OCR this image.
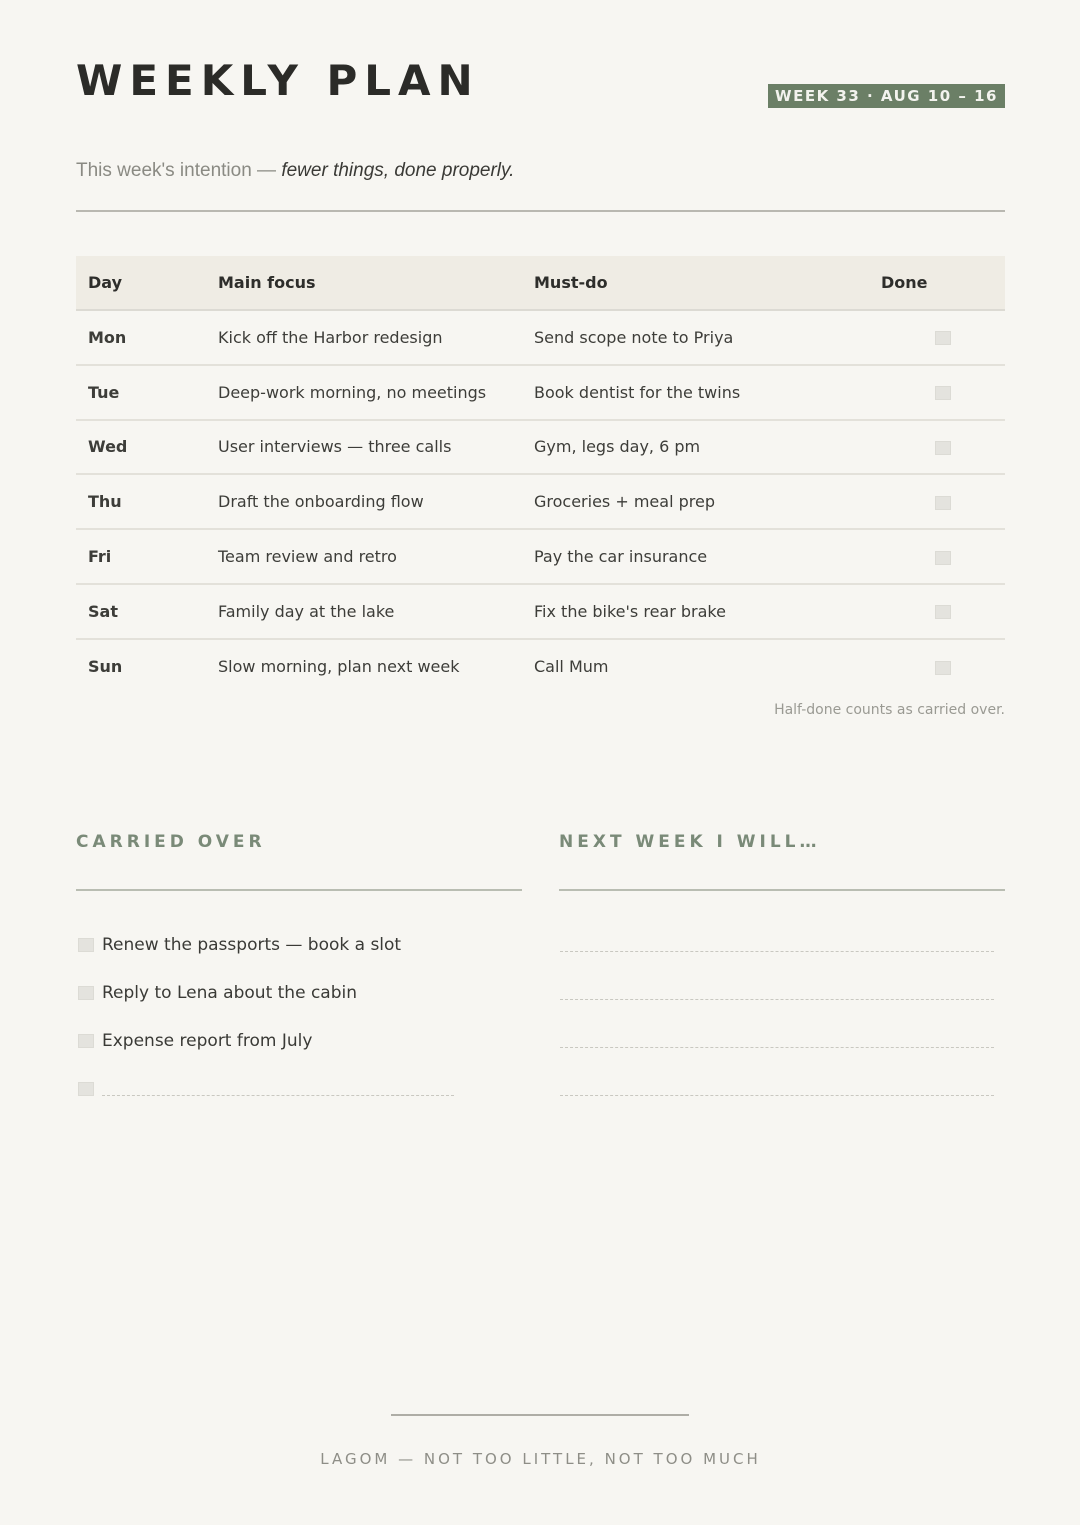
WEEKLY PLAN	WEEK 33 · AUG 10 – 16

This week's intention — fewer things, done properly.

Day	Main focus	Must-do	Done
Mon	Kick off the Harbor redesign	Send scope note to Priya	
Tue	Deep-work morning, no meetings	Book dentist for the twins	
Wed	User interviews — three calls	Gym, legs day, 6 pm	
Thu	Draft the onboarding flow	Groceries + meal prep	
Fri	Team review and retro	Pay the car insurance	
Sat	Family day at the lake	Fix the bike's rear brake	
Sun	Slow morning, plan next week	Call Mum	
Half-done counts as carried over.
CARRIED OVER
Renew the passports — book a slot
Reply to Lena about the cabin
Expense report from July
NEXT WEEK I WILL…
LAGOM — NOT TOO LITTLE, NOT TOO MUCH
